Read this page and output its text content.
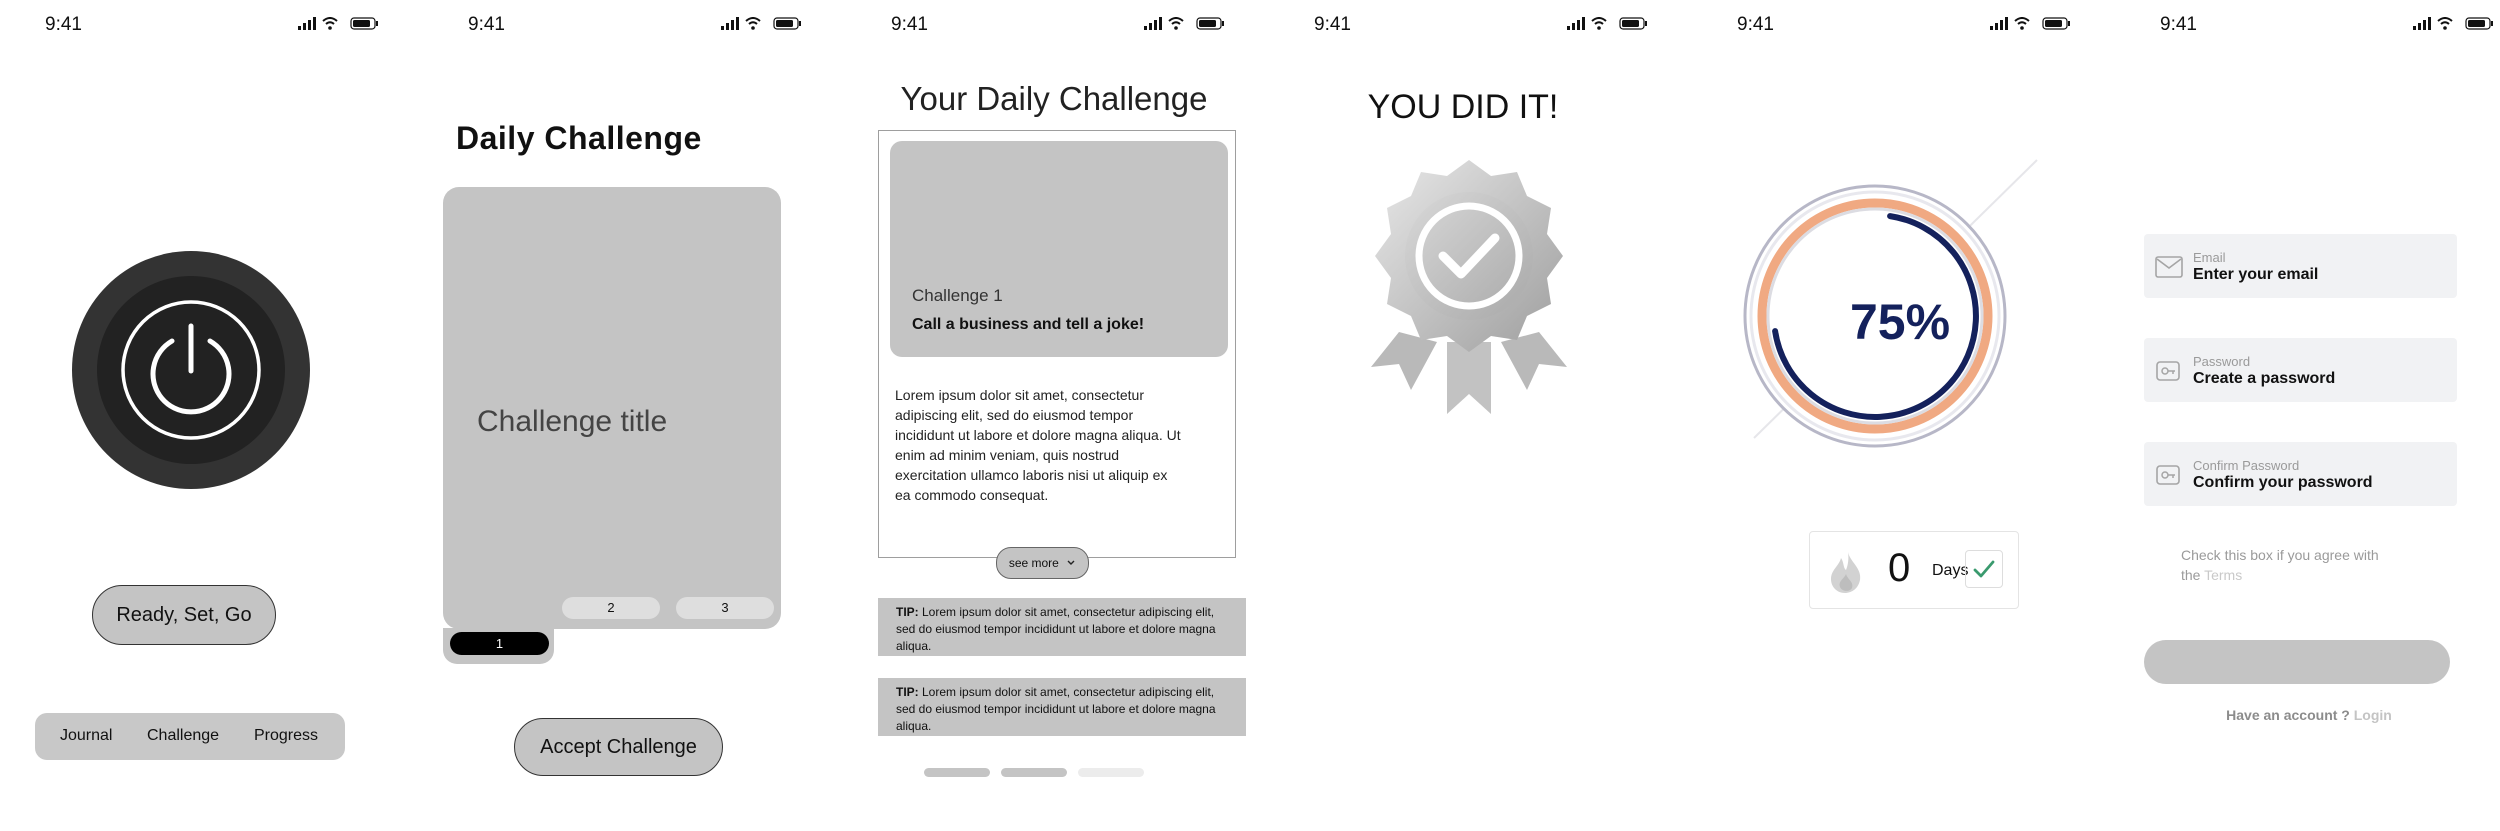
9:41
Ready, Set, Go
Journal Challenge Progress
9:41
Daily Challenge
Challenge title
2	3
1
Accept Challenge
9:41
Your Daily Challenge
Challenge 1
Call a business and tell a joke!
Lorem ipsum dolor sit amet, consectetur adipiscing elit, sed do eiusmod tempor incididunt ut labore et dolore magna aliqua. Ut enim ad minim veniam, quis nostrud exercitation ullamco laboris nisi ut aliquip ex ea commodo consequat.
see more
TIP: Lorem ipsum dolor sit amet, consectetur adipiscing elit, sed do eiusmod tempor incididunt ut labore et dolore magna aliqua.
TIP: Lorem ipsum dolor sit amet, consectetur adipiscing elit, sed do eiusmod tempor incididunt ut labore et dolore magna aliqua.
9:41
YOU DID IT!
9:41
75%
0 Days
9:41
Email
Enter your email
Password
Create a password
Confirm Password
Confirm your password
Check this box if you agree with the Terms
Have an account ? Login
